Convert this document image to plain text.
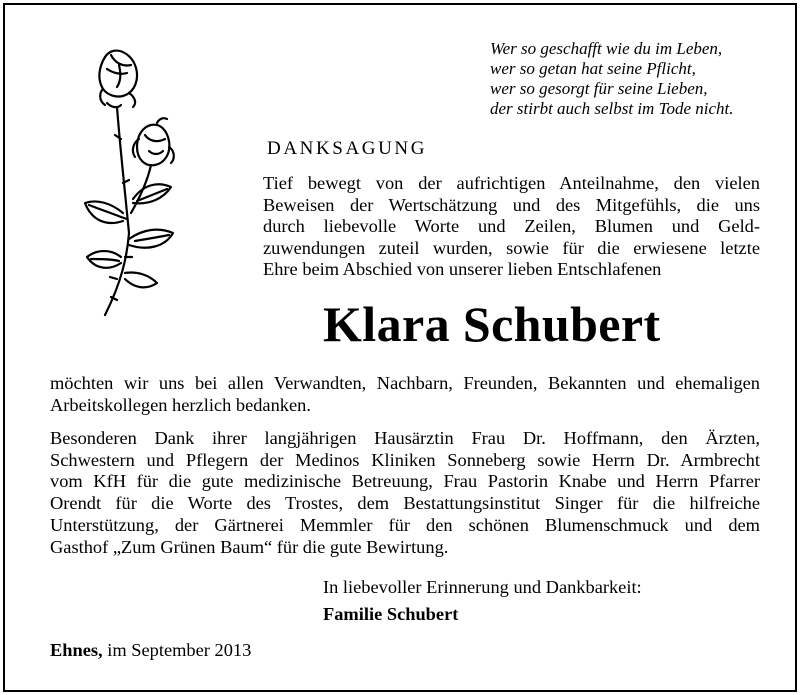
Wer so geschafft wie du im Leben,
wer so getan hat seine Pflicht,
wer so gesorgt für seine Lieben,
der stirbt auch selbst im Tode nicht.
DANKSAGUNG
Tief bewegt von der aufrichtigen Anteilnahme, den vielen
Beweisen der Wertschätzung und des Mitgefühls, die uns
durch liebevolle Worte und Zeilen, Blumen und Geld-
zuwendungen zuteil wurden, sowie für die erwiesene letzte
Ehre beim Abschied von unserer lieben Entschlafenen
Klara Schubert
möchten wir uns bei allen Verwandten, Nachbarn, Freunden, Bekannten und ehemaligen
Arbeitskollegen herzlich bedanken.
Besonderen Dank ihrer langjährigen Hausärztin Frau Dr. Hoffmann, den Ärzten,
Schwestern und Pflegern der Medinos Kliniken Sonneberg sowie Herrn Dr. Armbrecht
vom KfH für die gute medizinische Betreuung, Frau Pastorin Knabe und Herrn Pfarrer
Orendt für die Worte des Trostes, dem Bestattungsinstitut Singer für die hilfreiche
Unterstützung, der Gärtnerei Memmler für den schönen Blumenschmuck und dem
Gasthof „Zum Grünen Baum“ für die gute Bewirtung.
In liebevoller Erinnerung und Dankbarkeit:
Familie Schubert
Ehnes, im September 2013
